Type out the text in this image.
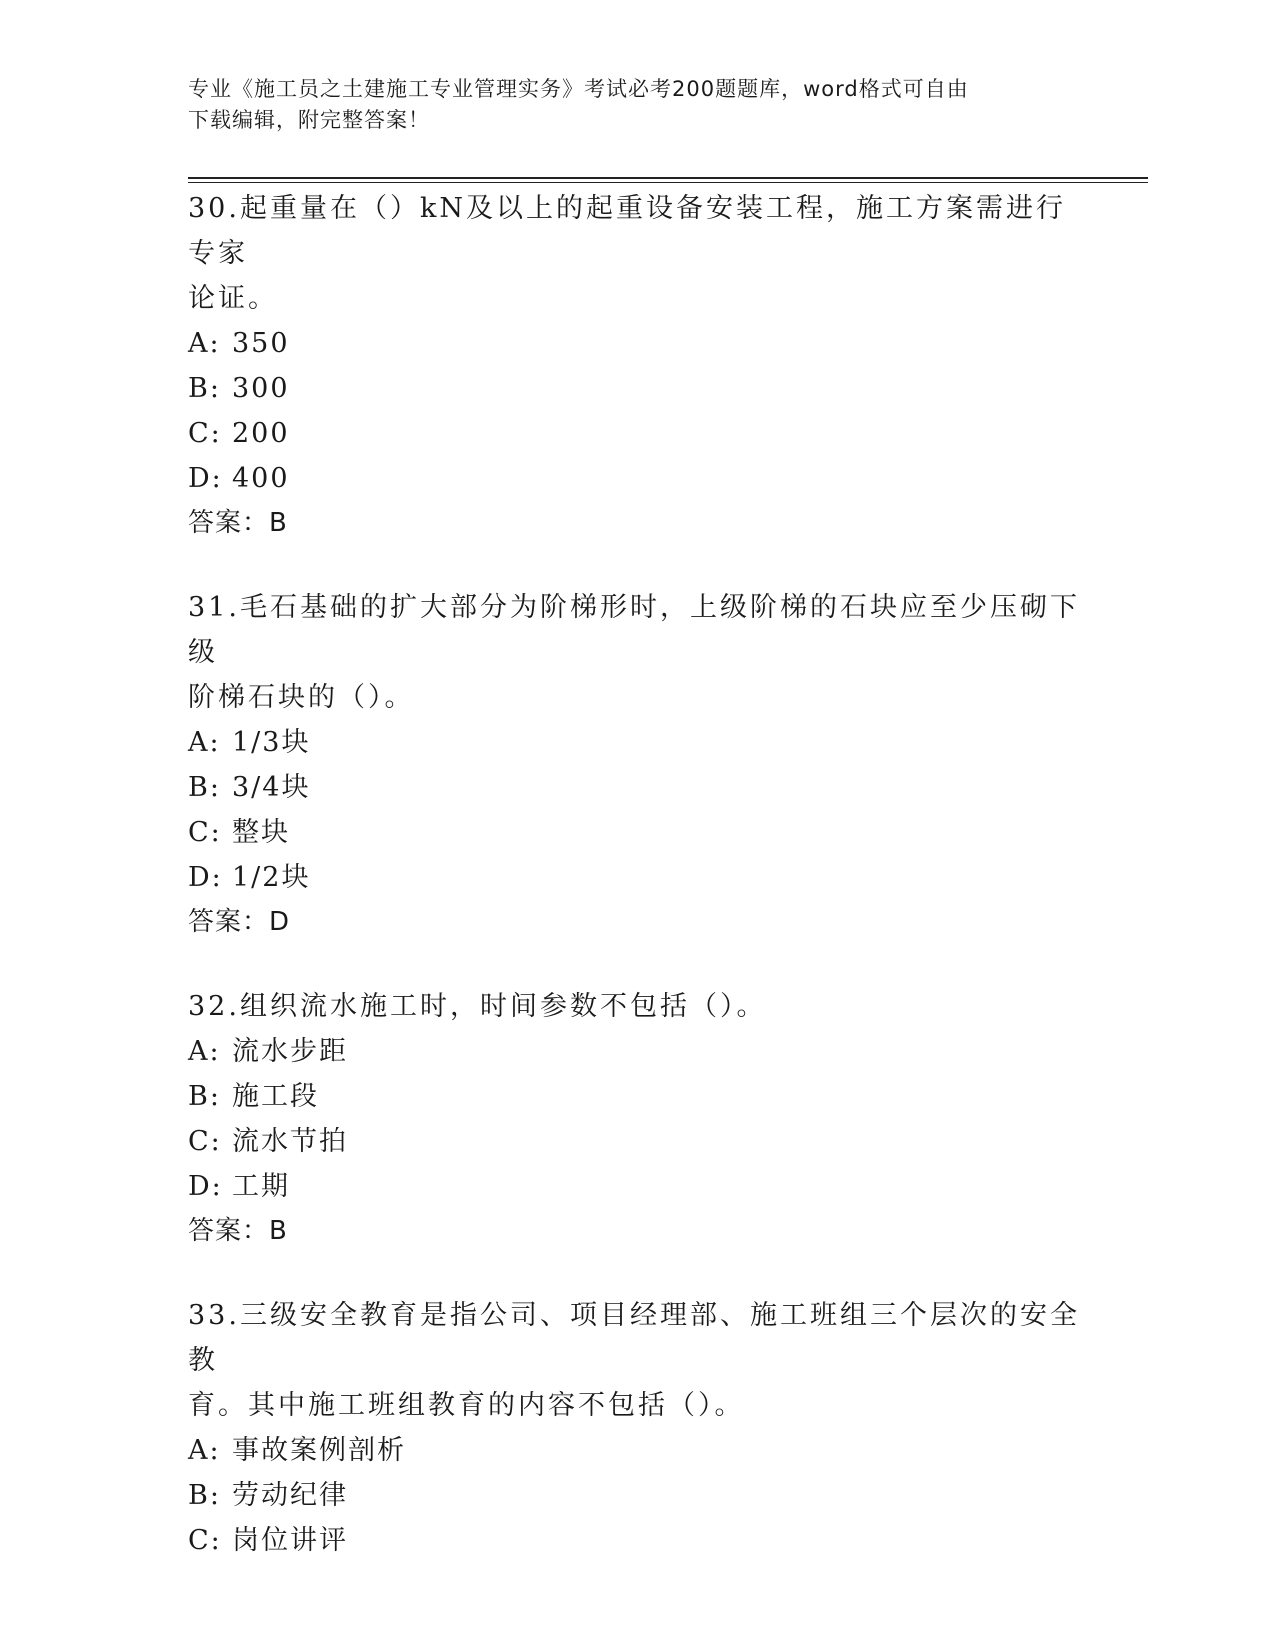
专业《施工员之土建施工专业管理实务》考试必考200题题库，word格式可自由
下载编辑，附完整答案！
30.起重量在（）kN及以上的起重设备安装工程，施工方案需进行专家
论证。
A: 350
B: 300
C: 200
D: 400
答案：B
31.毛石基础的扩大部分为阶梯形时，上级阶梯的石块应至少压砌下级
阶梯石块的（）。
A: 1/3块
B: 3/4块
C: 整块
D: 1/2块
答案：D
32.组织流水施工时，时间参数不包括（）。
A: 流水步距
B: 施工段
C: 流水节拍
D: 工期
答案：B
33.三级安全教育是指公司、项目经理部、施工班组三个层次的安全教
育。其中施工班组教育的内容不包括（）。
A: 事故案例剖析
B: 劳动纪律
C: 岗位讲评
